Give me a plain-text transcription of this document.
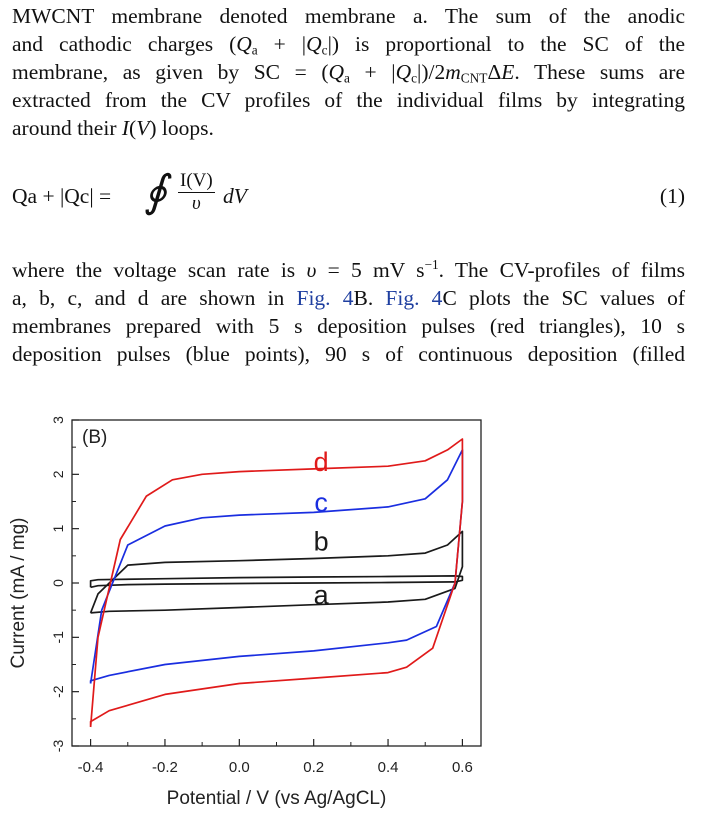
MWCNT membrane denoted membrane a. The sum of the anodic
and cathodic charges $(Q_a + |Q_c|)$ is proportional to the SC of the
membrane, as given by SC = $(Q_a + |Q_c|)/2m_{CNT}\Delta E$. These sums are
extracted from the CV profiles of the individual films by integrating
around their I(V) loops.
Qa + |Qc| = ∮ $\frac{I(V)}{\upsilon}$ dV	(1)
where the voltage scan rate is υ = 5 mV $s^{-1}$. The CV-profiles of films
a, b, c, and d are shown in Fig. 4B. Fig. 4C plots the SC values of
membranes prepared with 5 s deposition pulses (red triangles), 10 s
deposition pulses (blue points), 90 s of continuous deposition (filled
-3
-2
-1
0
1
2
3
-0.4	-0.2	0.0	0.2	0.4	0.6
a
b
c
d
(B)
Potential / V (vs Ag/AgCL)
Current (mA / mg)
